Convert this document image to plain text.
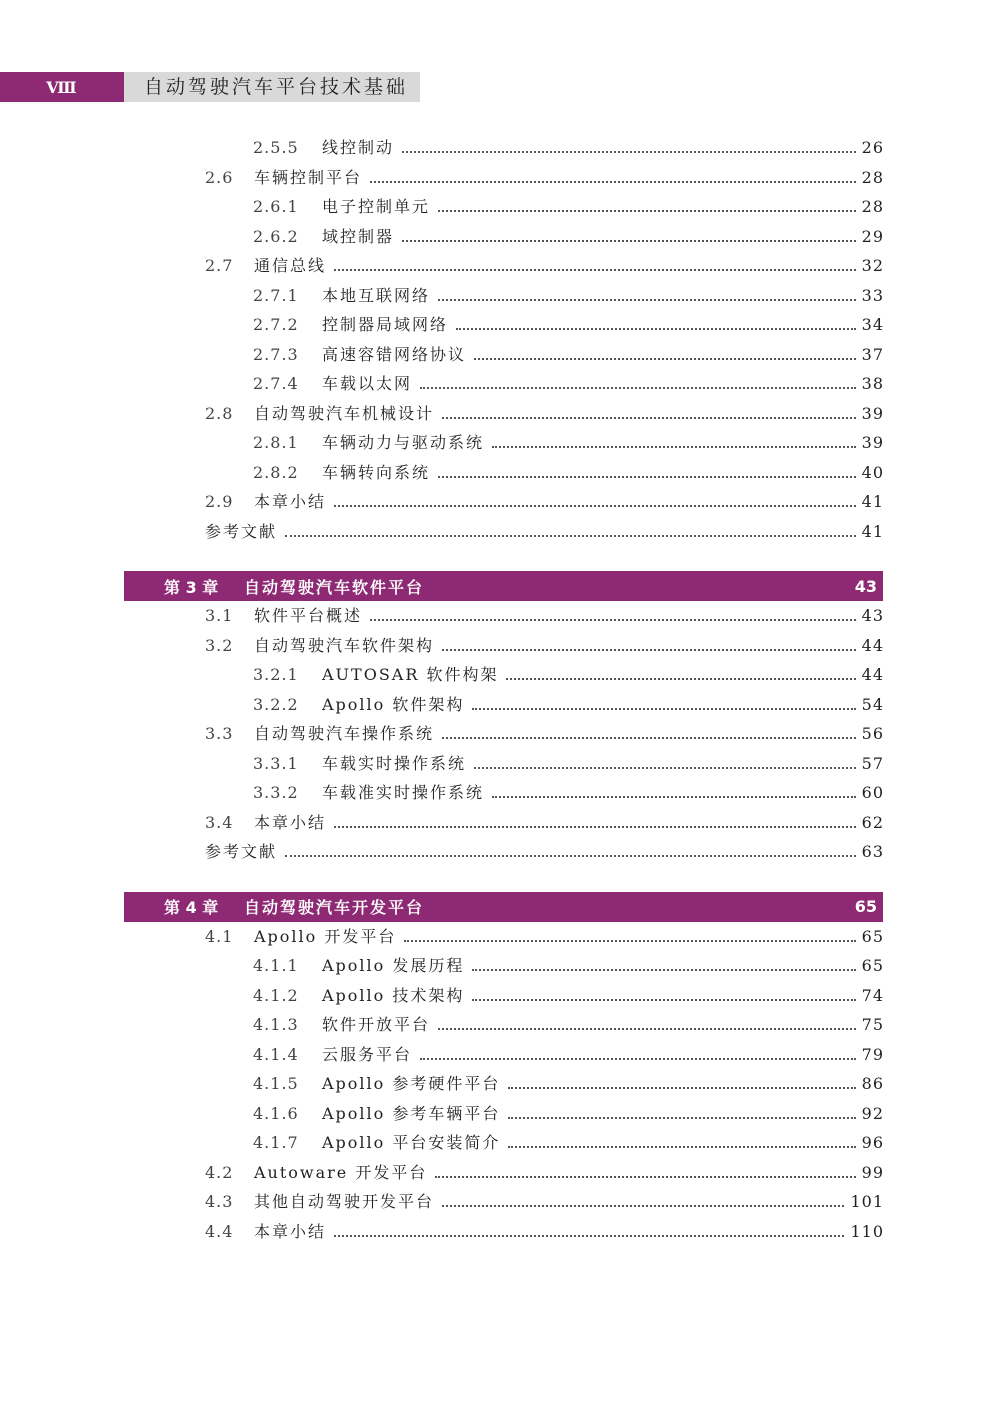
Ⅷ	自动驾驶汽车平台技术基础
2.5.5	线控制动	26
2.6	车辆控制平台	28
2.6.1	电子控制单元	28
2.6.2	域控制器	29
2.7	通信总线	32
2.7.1	本地互联网络	33
2.7.2	控制器局域网络	34
2.7.3	高速容错网络协议	37
2.7.4	车载以太网	38
2.8	自动驾驶汽车机械设计	39
2.8.1	车辆动力与驱动系统	39
2.8.2	车辆转向系统	40
2.9	本章小结	41
参考文献	41
第 3 章	自动驾驶汽车软件平台	43
3.1	软件平台概述	43
3.2	自动驾驶汽车软件架构	44
3.2.1	AUTOSAR 软件构架	44
3.2.2	Apollo 软件架构	54
3.3	自动驾驶汽车操作系统	56
3.3.1	车载实时操作系统	57
3.3.2	车载准实时操作系统	60
3.4	本章小结	62
参考文献	63
第 4 章	自动驾驶汽车开发平台	65
4.1	Apollo 开发平台	65
4.1.1	Apollo 发展历程	65
4.1.2	Apollo 技术架构	74
4.1.3	软件开放平台	75
4.1.4	云服务平台	79
4.1.5	Apollo 参考硬件平台	86
4.1.6	Apollo 参考车辆平台	92
4.1.7	Apollo 平台安装简介	96
4.2	Autoware 开发平台	99
4.3	其他自动驾驶开发平台	101
4.4	本章小结	110
